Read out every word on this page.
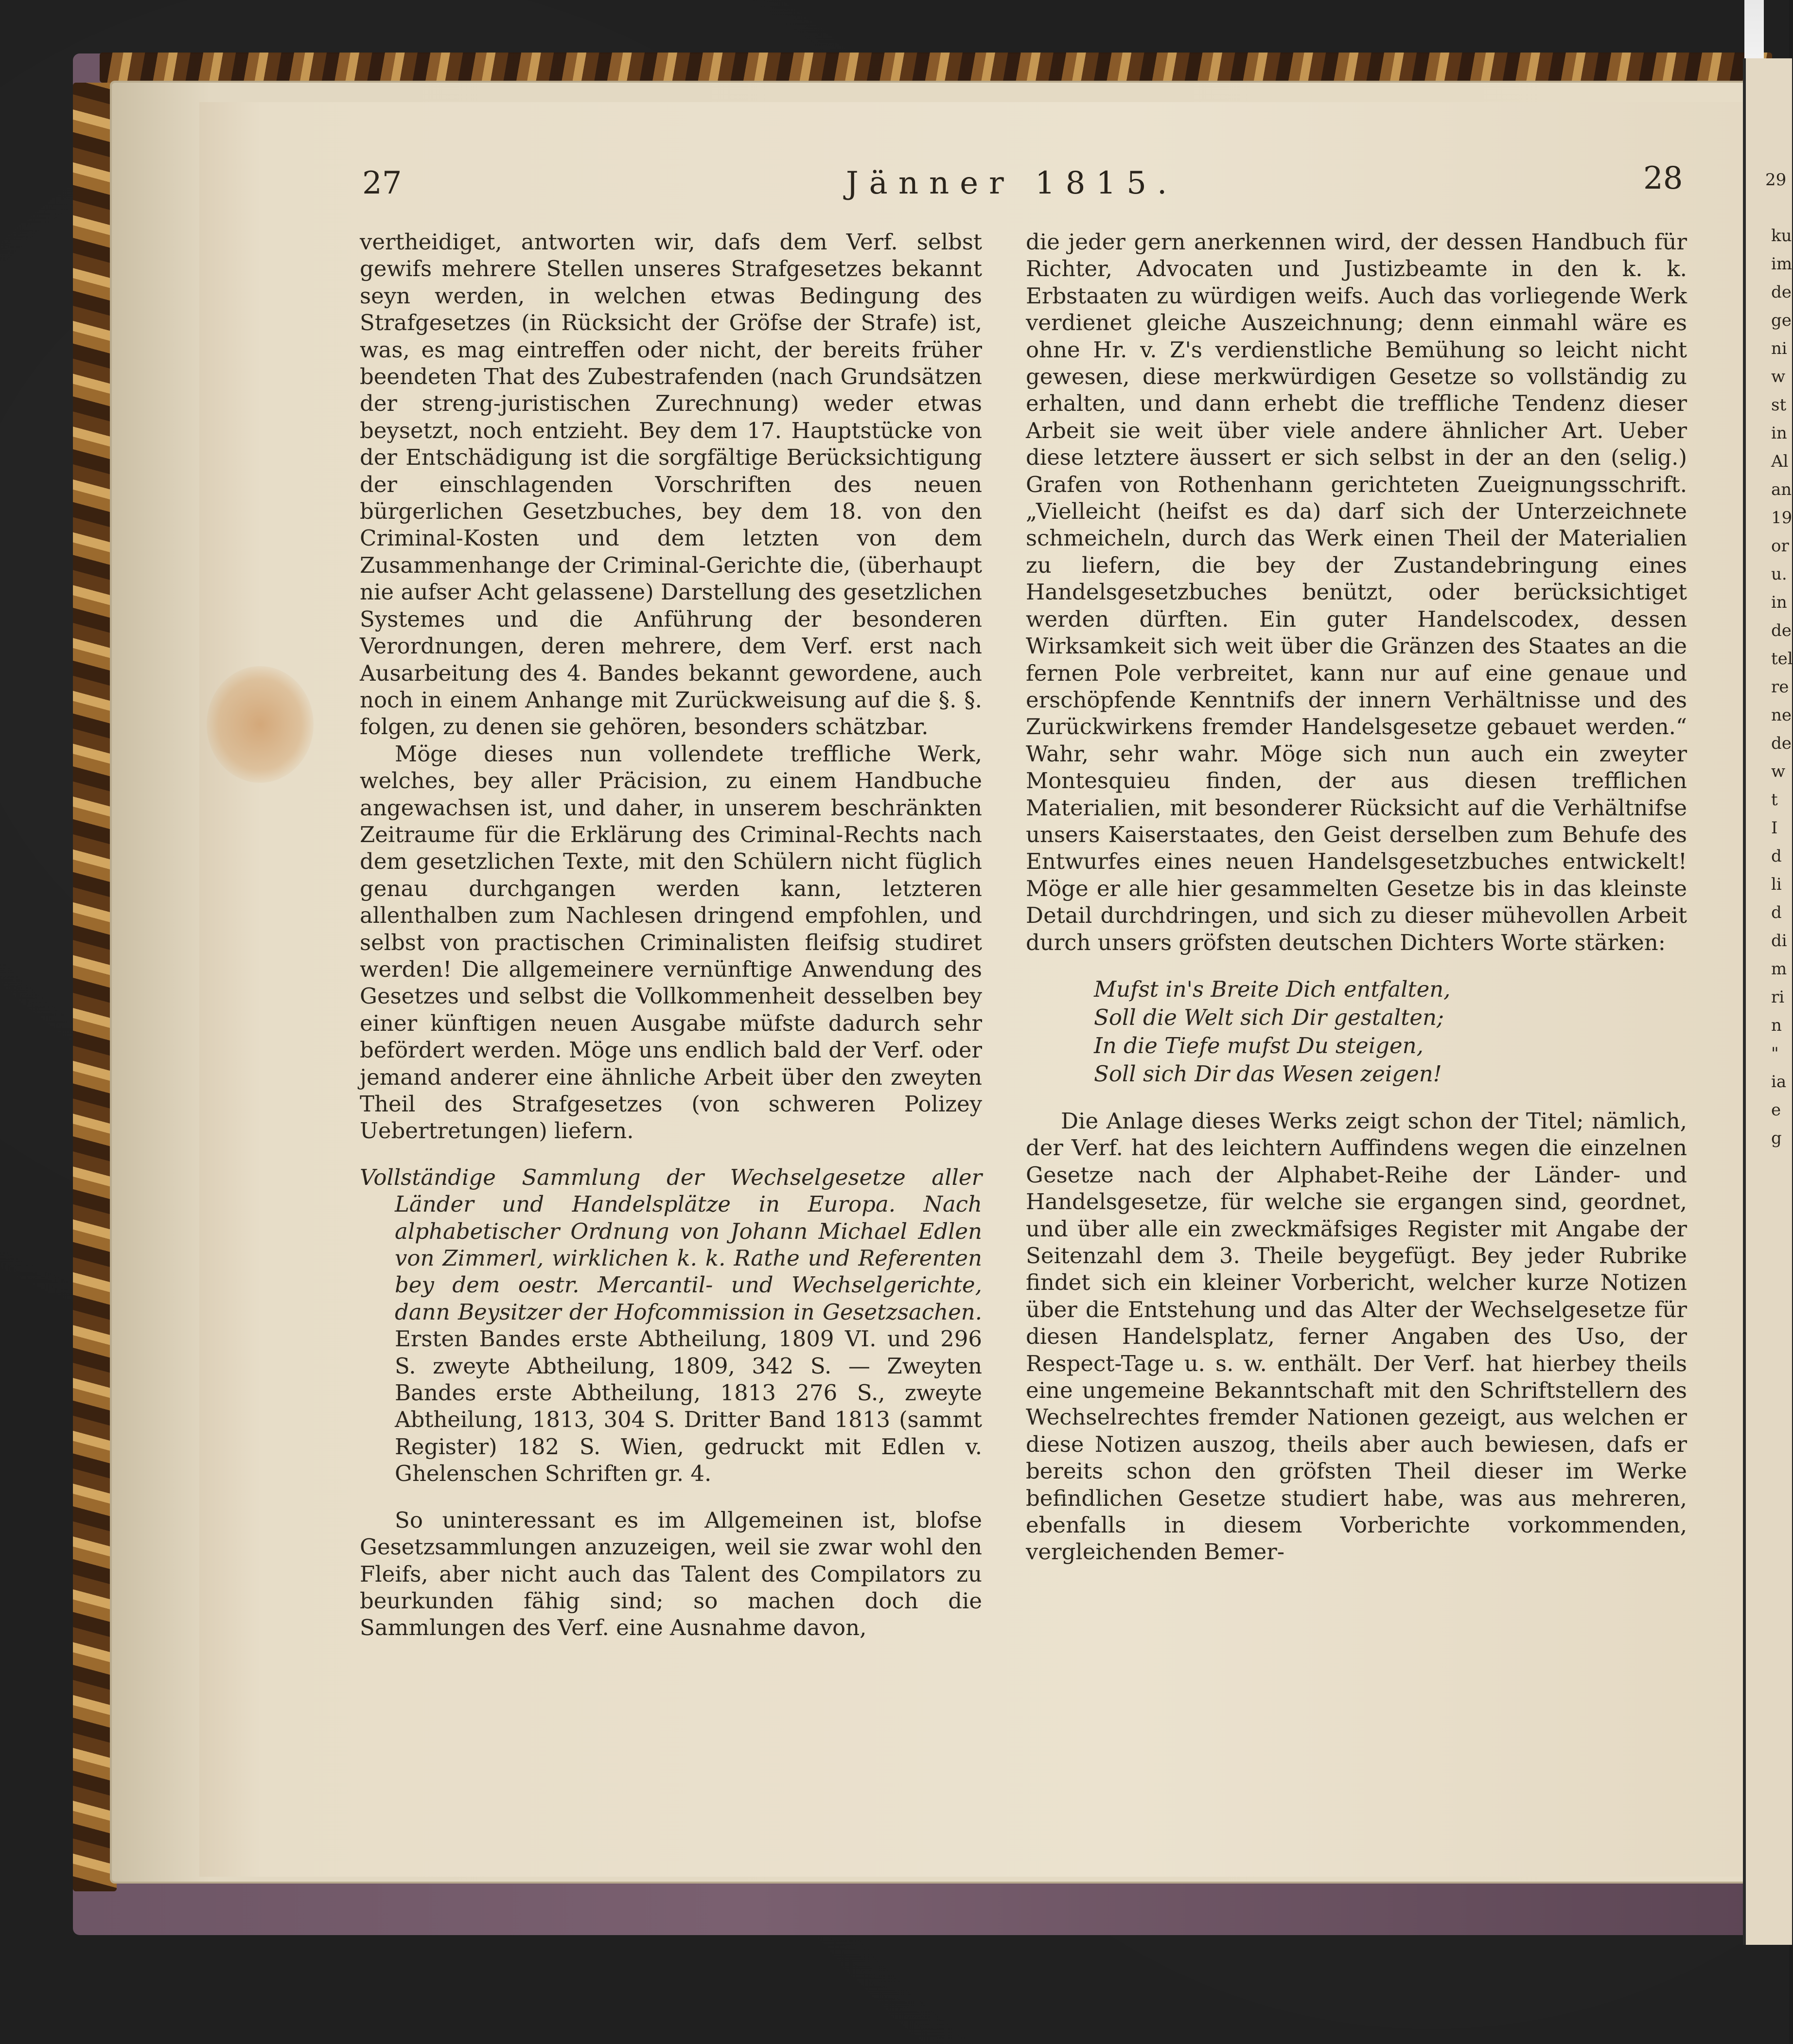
29
ku
im
de
ge
ni
w
st
in
Al
an
19
or
u.
in
de
tel
re
ne
de
w
t
I
d
li
d
di
m
ri
n
"
ia
e
g
27	Jänner 1815.	28

vertheidiget, antworten wir, dafs dem Verf. selbst gewifs mehrere Stellen unseres Strafgesetzes bekannt seyn werden, in welchen etwas Bedingung des Strafgesetzes (in Rücksicht der Gröfse der Strafe) ist, was, es mag eintreffen oder nicht, der bereits früher beendeten That des Zubestrafenden (nach Grundsätzen der streng-juristischen Zurechnung) weder etwas beysetzt, noch entzieht. Bey dem 17. Hauptstücke von der Entschädigung ist die sorgfältige Berücksichtigung der einschlagenden Vorschriften des neuen bürgerlichen Gesetzbuches, bey dem 18. von den Criminal-Kosten und dem letzten von dem Zusammenhange der Criminal-Gerichte die, (überhaupt nie aufser Acht gelassene) Darstellung des gesetzlichen Systemes und die Anführung der besonderen Verordnungen, deren mehrere, dem Verf. erst nach Ausarbeitung des 4. Bandes bekannt gewordene, auch noch in einem Anhange mit Zurückweisung auf die §. §. folgen, zu denen sie gehören, besonders schätzbar.

Möge dieses nun vollendete treffliche Werk, welches, bey aller Präcision, zu einem Handbuche angewachsen ist, und daher, in unserem beschränkten Zeitraume für die Erklärung des Criminal-Rechts nach dem gesetzlichen Texte, mit den Schülern nicht füglich genau durchgangen werden kann, letzteren allenthalben zum Nachlesen dringend empfohlen, und selbst von practischen Criminalisten fleifsig studiret werden! Die allgemeinere vernünftige Anwendung des Gesetzes und selbst die Vollkommenheit desselben bey einer künftigen neuen Ausgabe müfste dadurch sehr befördert werden. Möge uns endlich bald der Verf. oder jemand anderer eine ähnliche Arbeit über den zweyten Theil des Strafgesetzes (von schweren Polizey Uebertretungen) liefern.

Vollständige Sammlung der Wechselgesetze aller Länder und Handelsplätze in Europa. Nach alphabetischer Ordnung von Johann Michael Edlen von Zimmerl, wirklichen k. k. Rathe und Referenten bey dem oestr. Mercantil- und Wechselgerichte, dann Beysitzer der Hofcommission in Gesetzsachen. Ersten Bandes erste Abtheilung, 1809 VI. und 296 S. zweyte Abtheilung, 1809, 342 S. — Zweyten Bandes erste Abtheilung, 1813 276 S., zweyte Abtheilung, 1813, 304 S. Dritter Band 1813 (sammt Register) 182 S. Wien, gedruckt mit Edlen v. Ghelenschen Schriften gr. 4.

So uninteressant es im Allgemeinen ist, blofse Gesetzsammlungen anzuzeigen, weil sie zwar wohl den Fleifs, aber nicht auch das Talent des Compilators zu beurkunden fähig sind; so machen doch die Sammlungen des Verf. eine Ausnahme davon,

die jeder gern anerkennen wird, der dessen Handbuch für Richter, Advocaten und Justizbeamte in den k. k. Erbstaaten zu würdigen weifs. Auch das vorliegende Werk verdienet gleiche Auszeichnung; denn einmahl wäre es ohne Hr. v. Z's verdienstliche Bemühung so leicht nicht gewesen, diese merkwürdigen Gesetze so vollständig zu erhalten, und dann erhebt die treffliche Tendenz dieser Arbeit sie weit über viele andere ähnlicher Art. Ueber diese letztere äussert er sich selbst in der an den (selig.) Grafen von Rothenhann gerichteten Zueignungsschrift. „Vielleicht (heifst es da) darf sich der Unterzeichnete schmeicheln, durch das Werk einen Theil der Materialien zu liefern, die bey der Zustandebringung eines Handelsgesetzbuches benützt, oder berücksichtiget werden dürften. Ein guter Handelscodex, dessen Wirksamkeit sich weit über die Gränzen des Staates an die fernen Pole verbreitet, kann nur auf eine genaue und erschöpfende Kenntnifs der innern Verhältnisse und des Zurückwirkens fremder Handelsgesetze gebauet werden.“ Wahr, sehr wahr. Möge sich nun auch ein zweyter Montesquieu finden, der aus diesen trefflichen Materialien, mit besonderer Rücksicht auf die Verhältnifse unsers Kaiserstaates, den Geist derselben zum Behufe des Entwurfes eines neuen Handelsgesetzbuches entwickelt! Möge er alle hier gesammelten Gesetze bis in das kleinste Detail durchdringen, und sich zu dieser mühevollen Arbeit durch unsers gröfsten deutschen Dichters Worte stärken:

Mufst in's Breite Dich entfalten,
Soll die Welt sich Dir gestalten;
In die Tiefe mufst Du steigen,
Soll sich Dir das Wesen zeigen!

Die Anlage dieses Werks zeigt schon der Titel; nämlich, der Verf. hat des leichtern Auffindens wegen die einzelnen Gesetze nach der Alphabet-Reihe der Länder- und Handelsgesetze, für welche sie ergangen sind, geordnet, und über alle ein zweckmäfsiges Register mit Angabe der Seitenzahl dem 3. Theile beygefügt. Bey jeder Rubrike findet sich ein kleiner Vorbericht, welcher kurze Notizen über die Entstehung und das Alter der Wechselgesetze für diesen Handelsplatz, ferner Angaben des Uso, der Respect-Tage u. s. w. enthält. Der Verf. hat hierbey theils eine ungemeine Bekanntschaft mit den Schriftstellern des Wechselrechtes fremder Nationen gezeigt, aus welchen er diese Notizen auszog, theils aber auch bewiesen, dafs er bereits schon den gröfsten Theil dieser im Werke befindlichen Gesetze studiert habe, was aus mehreren, ebenfalls in diesem Vorberichte vorkommenden, vergleichenden Bemer-
